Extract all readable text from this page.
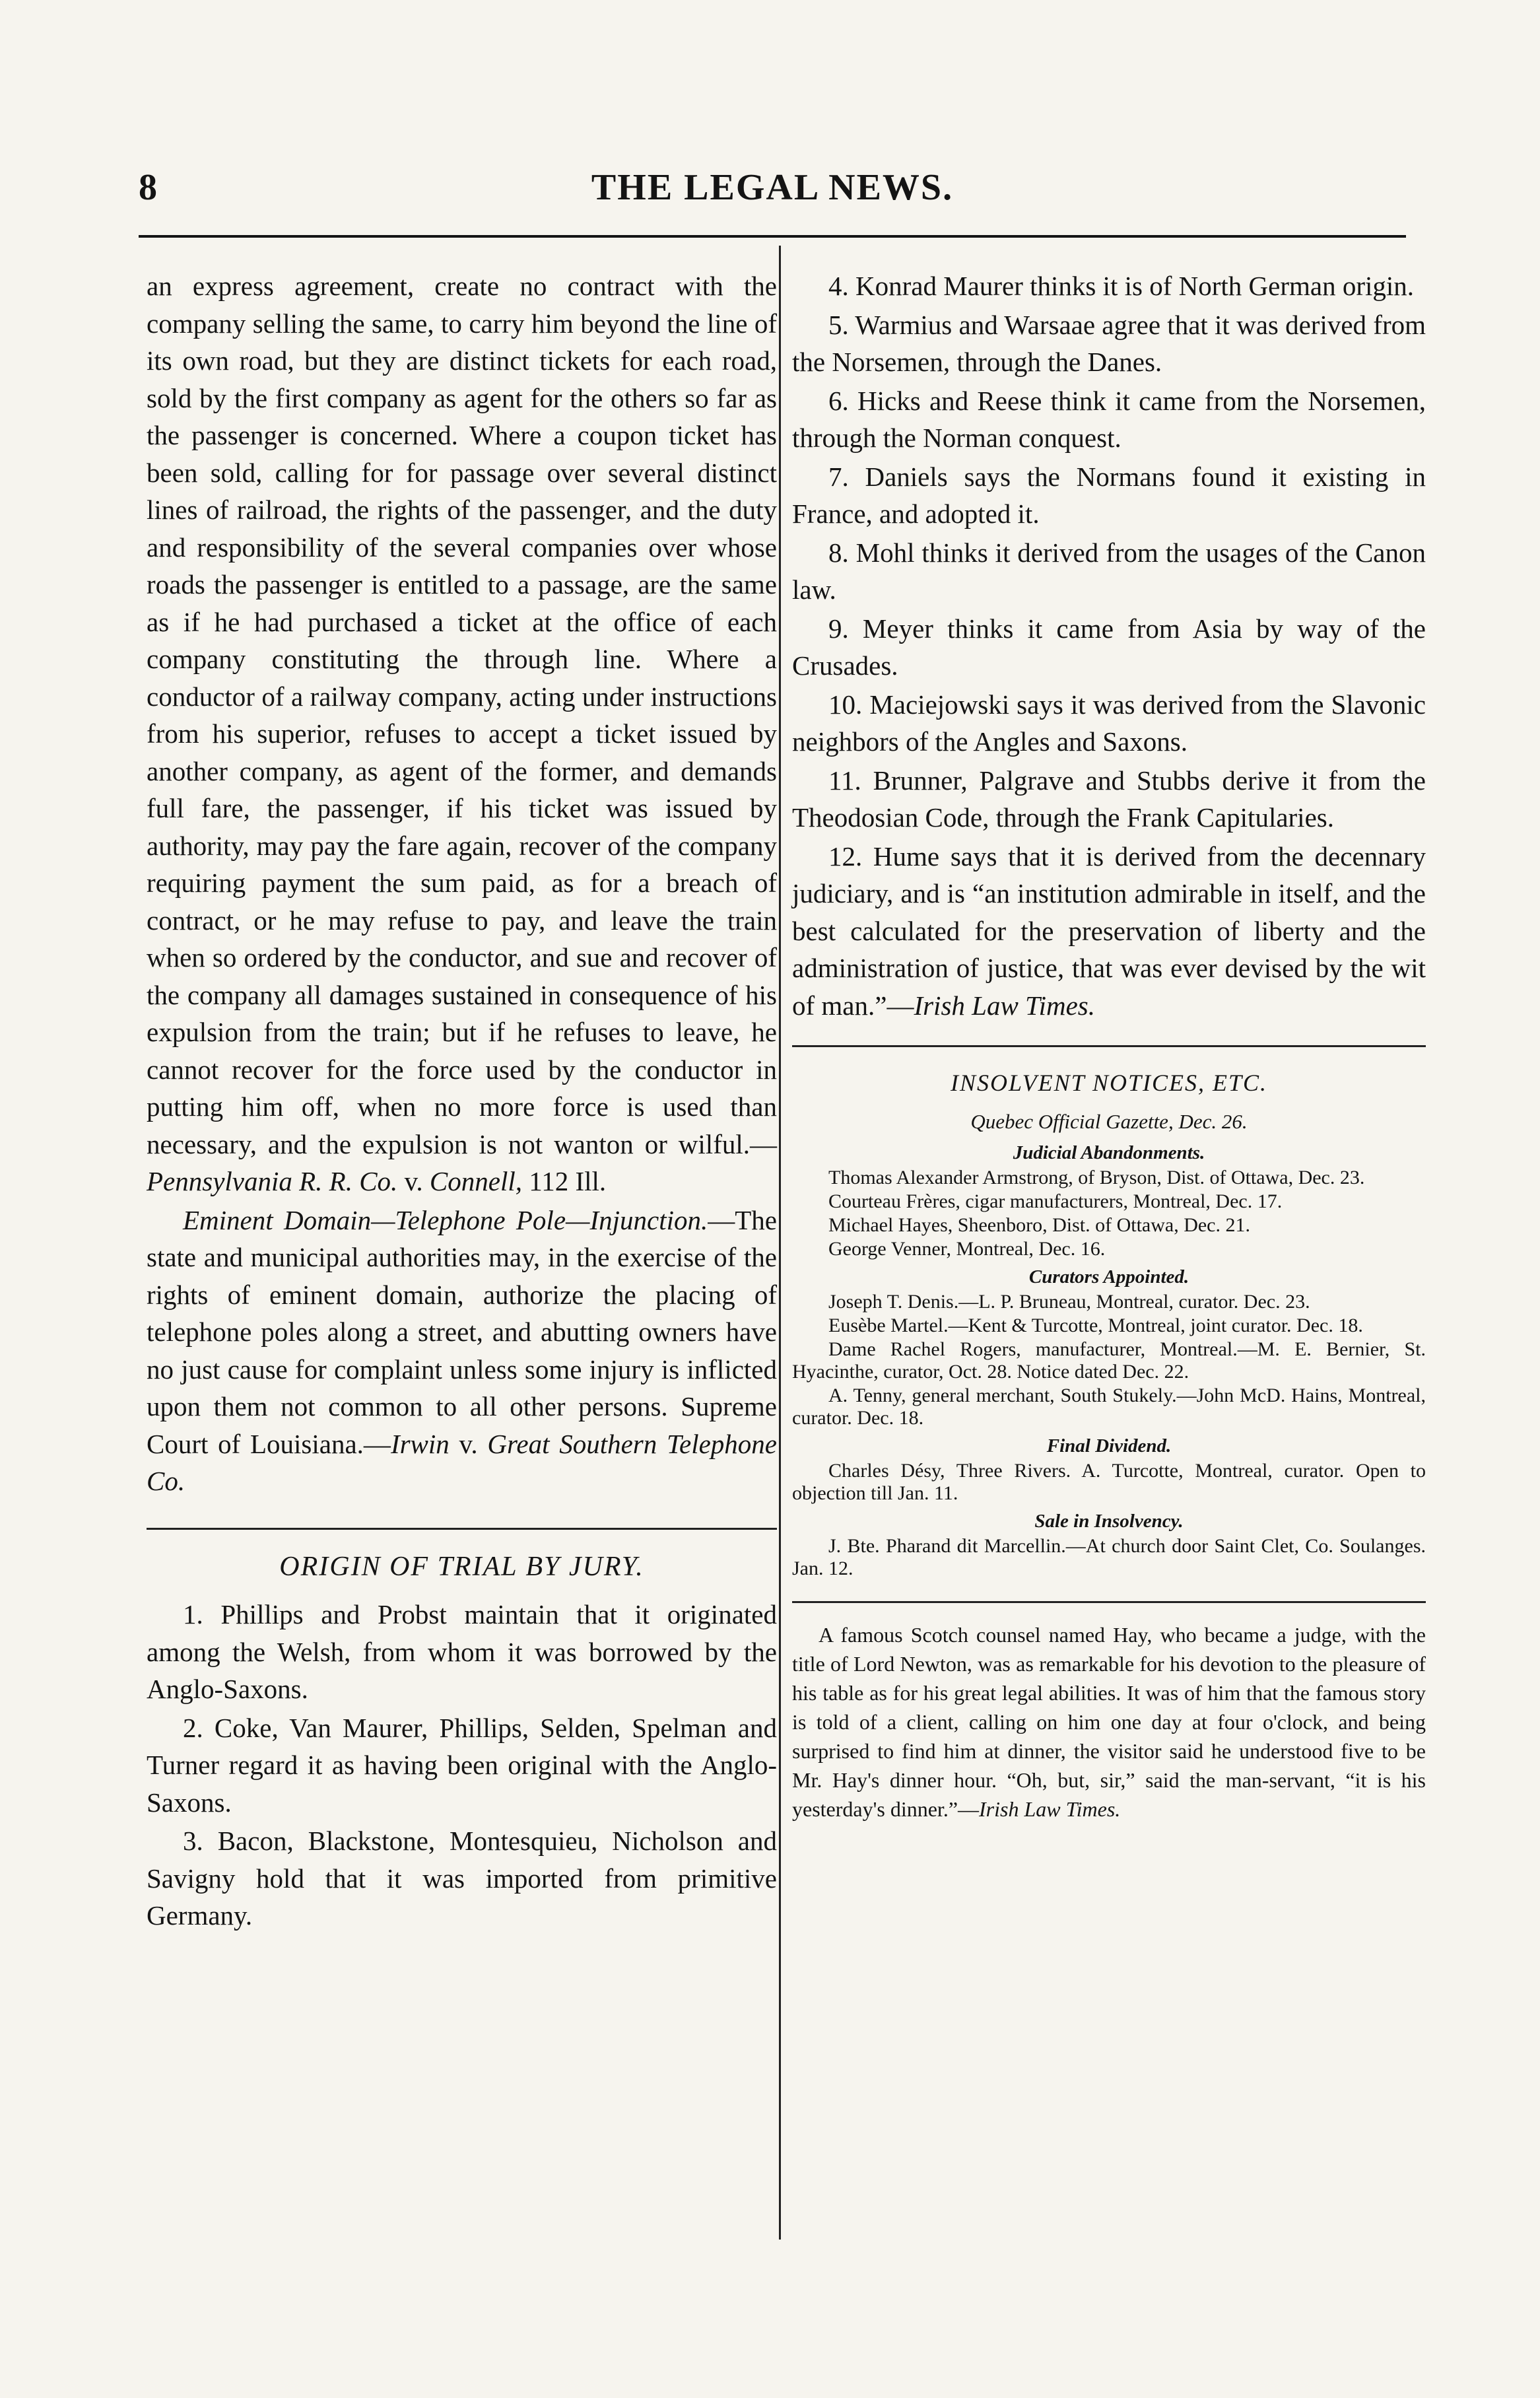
8	THE LEGAL NEWS.

an express agreement, create no contract with the company selling the same, to carry him beyond the line of its own road, but they are distinct tickets for each road, sold by the first company as agent for the others so far as the passenger is concerned. Where a coupon ticket has been sold, calling for for passage over several distinct lines of railroad, the rights of the passenger, and the duty and responsibility of the several companies over whose roads the passenger is entitled to a passage, are the same as if he had purchased a ticket at the office of each company constituting the through line. Where a conductor of a railway company, acting under instructions from his superior, refuses to accept a ticket issued by another company, as agent of the former, and demands full fare, the passenger, if his ticket was issued by authority, may pay the fare again, recover of the company requiring payment the sum paid, as for a breach of contract, or he may refuse to pay, and leave the train when so ordered by the conductor, and sue and recover of the company all damages sustained in consequence of his expulsion from the train; but if he refuses to leave, he cannot recover for the force used by the conductor in putting him off, when no more force is used than necessary, and the expulsion is not wanton or wilful.—Pennsylvania R. R. Co. v. Connell, 112 Ill.

Eminent Domain—Telephone Pole—Injunction.—The state and municipal authorities may, in the exercise of the rights of eminent domain, authorize the placing of telephone poles along a street, and abutting owners have no just cause for complaint unless some injury is inflicted upon them not common to all other persons. Supreme Court of Louisiana.—Irwin v. Great Southern Telephone Co.

ORIGIN OF TRIAL BY JURY.

1. Phillips and Probst maintain that it originated among the Welsh, from whom it was borrowed by the Anglo-Saxons.

2. Coke, Van Maurer, Phillips, Selden, Spelman and Turner regard it as having been original with the Anglo-Saxons.

3. Bacon, Blackstone, Montesquieu, Nicholson and Savigny hold that it was imported from primitive Germany.

4. Konrad Maurer thinks it is of North German origin.

5. Warmius and Warsaae agree that it was derived from the Norsemen, through the Danes.

6. Hicks and Reese think it came from the Norsemen, through the Norman conquest.

7. Daniels says the Normans found it existing in France, and adopted it.

8. Mohl thinks it derived from the usages of the Canon law.

9. Meyer thinks it came from Asia by way of the Crusades.

10. Maciejowski says it was derived from the Slavonic neighbors of the Angles and Saxons.

11. Brunner, Palgrave and Stubbs derive it from the Theodosian Code, through the Frank Capitularies.

12. Hume says that it is derived from the decennary judiciary, and is “an institution admirable in itself, and the best calculated for the preservation of liberty and the administration of justice, that was ever devised by the wit of man.”—Irish Law Times.

INSOLVENT NOTICES, ETC.
Quebec Official Gazette, Dec. 26.
Judicial Abandonments.

Thomas Alexander Armstrong, of Bryson, Dist. of Ottawa, Dec. 23.

Courteau Frères, cigar manufacturers, Montreal, Dec. 17.

Michael Hayes, Sheenboro, Dist. of Ottawa, Dec. 21.

George Venner, Montreal, Dec. 16.

Curators Appointed.

Joseph T. Denis.—L. P. Bruneau, Montreal, curator. Dec. 23.

Eusèbe Martel.—Kent & Turcotte, Montreal, joint curator. Dec. 18.

Dame Rachel Rogers, manufacturer, Montreal.—M. E. Bernier, St. Hyacinthe, curator, Oct. 28. Notice dated Dec. 22.

A. Tenny, general merchant, South Stukely.—John McD. Hains, Montreal, curator. Dec. 18.

Final Dividend.

Charles Désy, Three Rivers. A. Turcotte, Montreal, curator. Open to objection till Jan. 11.

Sale in Insolvency.

J. Bte. Pharand dit Marcellin.—At church door Saint Clet, Co. Soulanges. Jan. 12.

A famous Scotch counsel named Hay, who became a judge, with the title of Lord Newton, was as remarkable for his devotion to the pleasure of his table as for his great legal abilities. It was of him that the famous story is told of a client, calling on him one day at four o'clock, and being surprised to find him at dinner, the visitor said he understood five to be Mr. Hay's dinner hour. “Oh, but, sir,” said the man-servant, “it is his yesterday's dinner.”—Irish Law Times.
